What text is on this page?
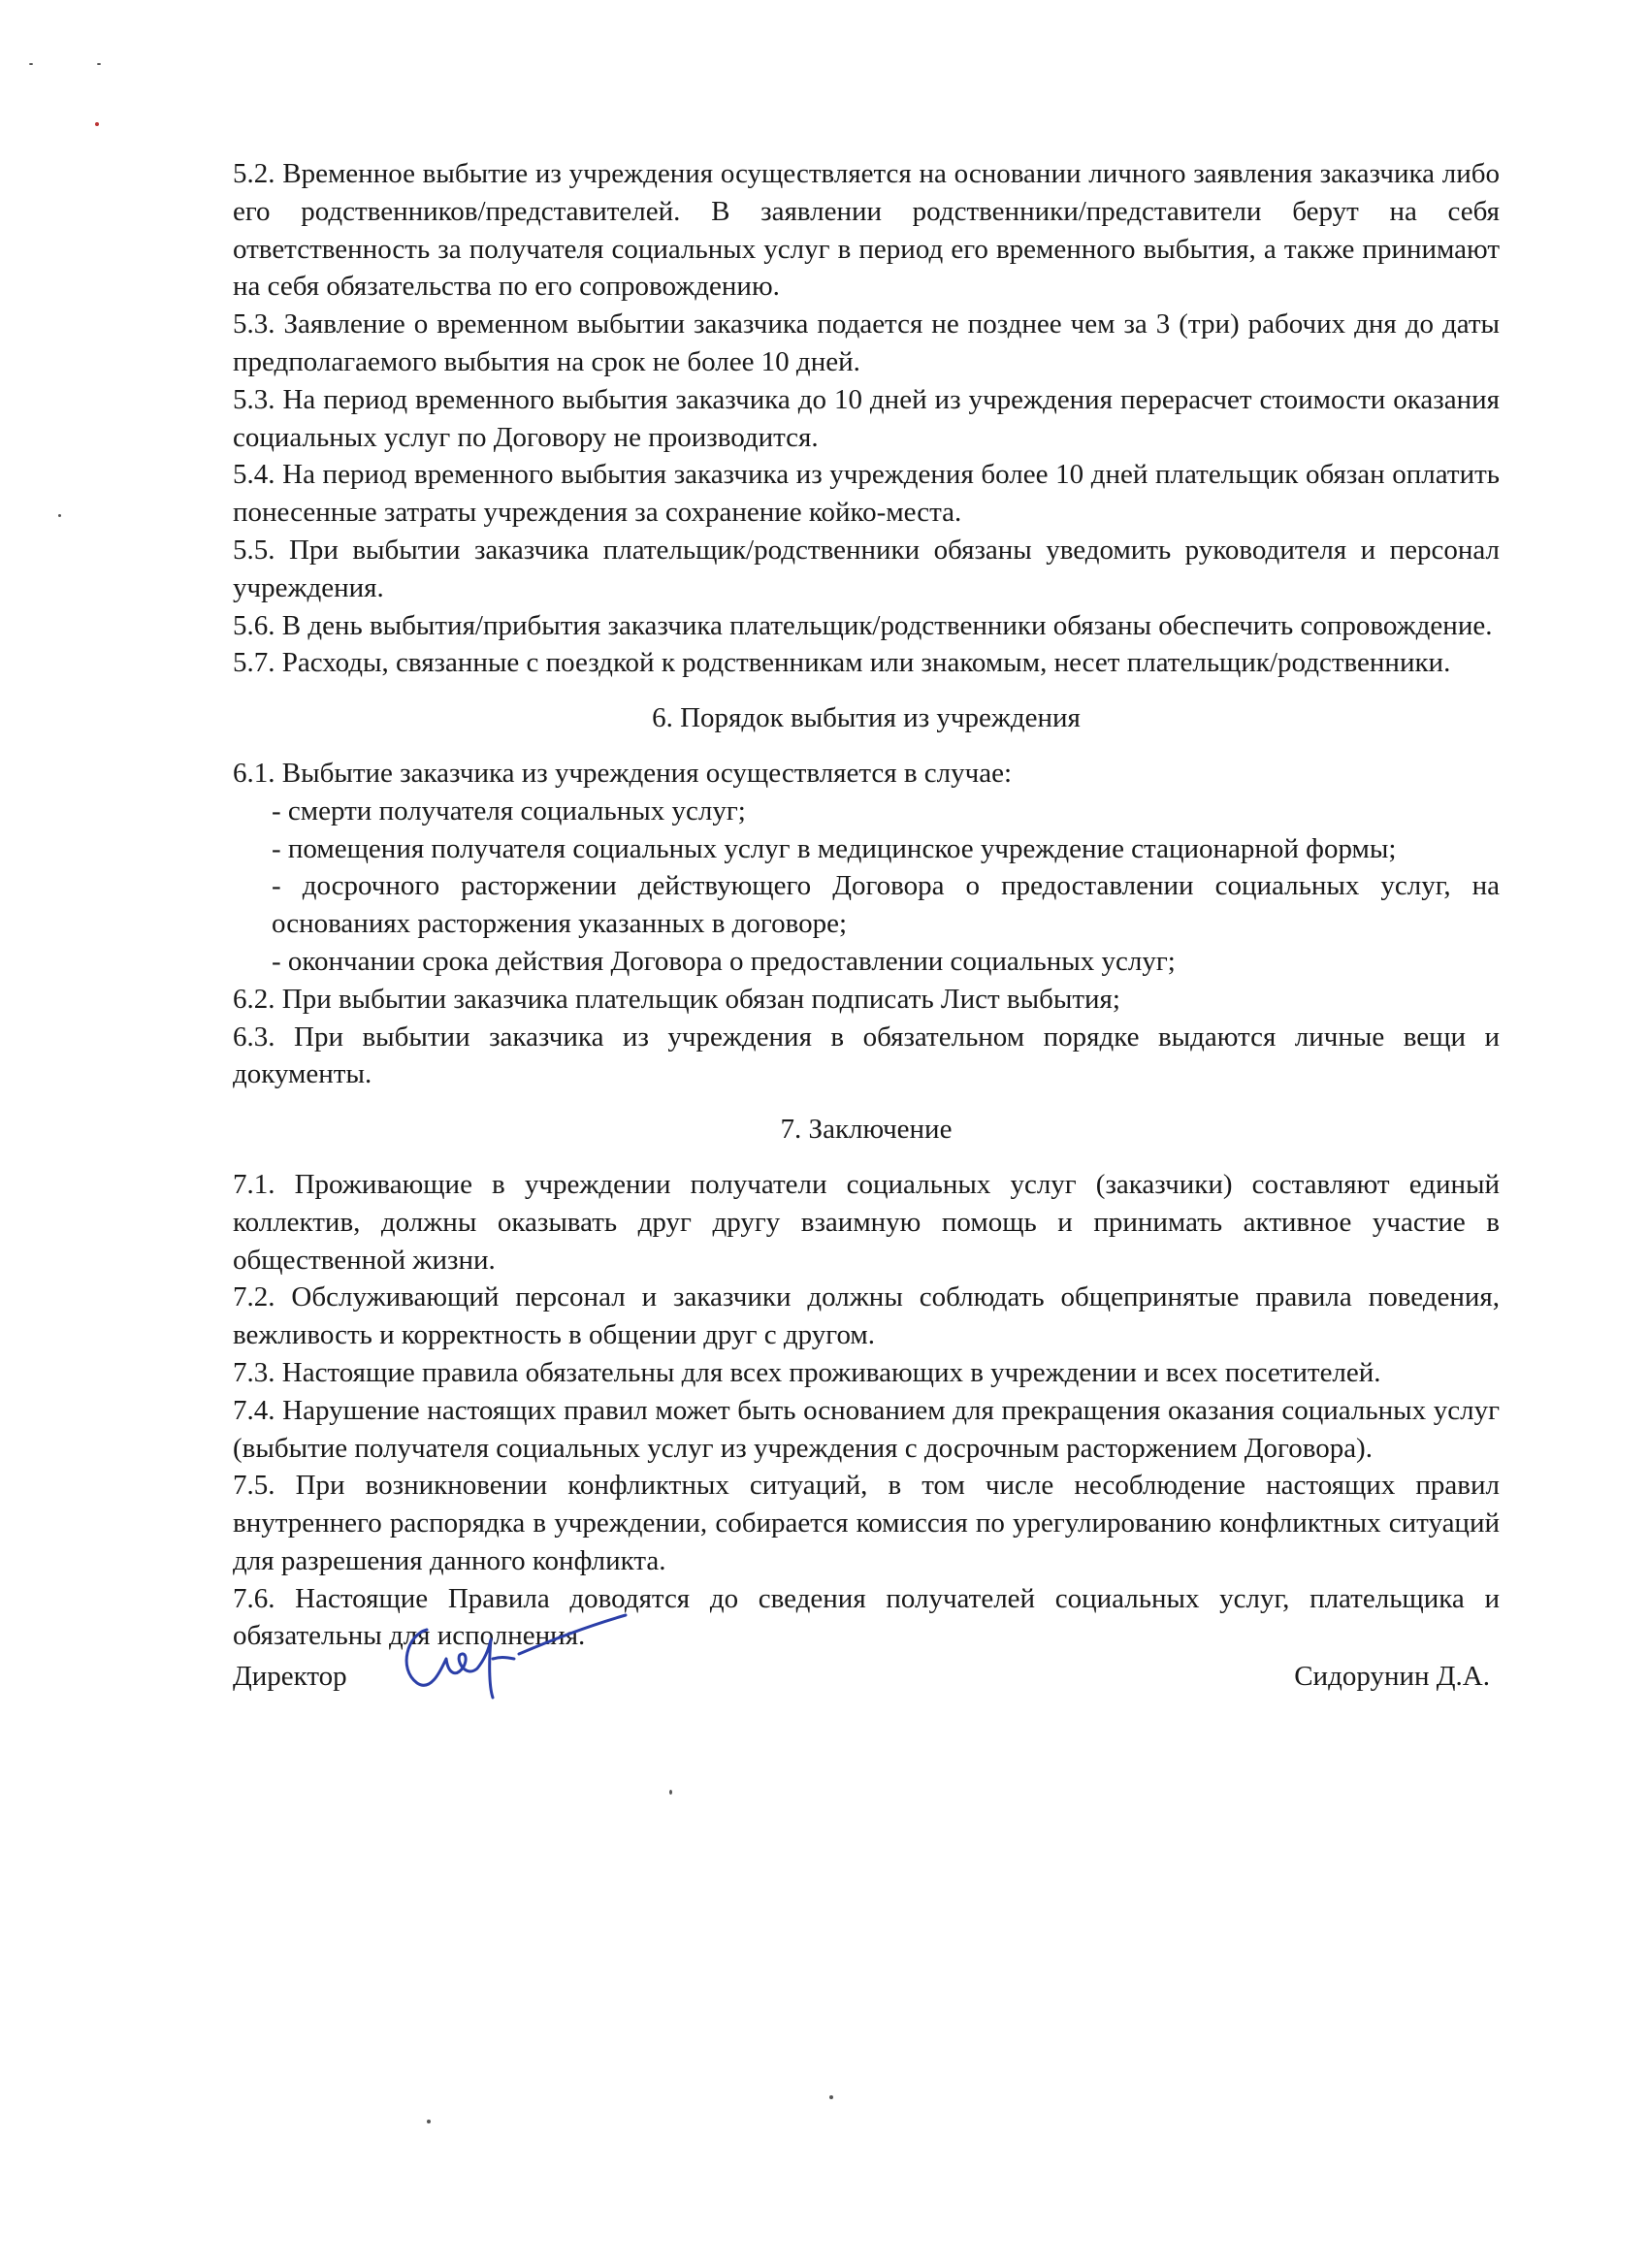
5.2. Временное выбытие из учреждения осуществляется на основании личного заявления заказчика либо его родственников/представителей. В заявлении родственники/представители берут на себя ответственность за получателя социальных услуг в период его временного выбытия, а также принимают на себя обязательства по его сопровождению.

5.3. Заявление о временном выбытии заказчика подается не позднее чем за 3 (три) рабочих дня до даты предполагаемого выбытия на срок не более 10 дней.

5.3. На период временного выбытия заказчика до 10 дней из учреждения перерасчет стоимости оказания социальных услуг по Договору не производится.

5.4. На период временного выбытия заказчика из учреждения более 10 дней плательщик обязан оплатить понесенные затраты учреждения за сохранение койко-места.

5.5. При выбытии заказчика плательщик/родственники обязаны уведомить руководителя и персонал учреждения.

5.6. В день выбытия/прибытия заказчика плательщик/родственники обязаны обеспечить сопровождение.

5.7. Расходы, связанные с поездкой к родственникам или знакомым, несет плательщик/родственники.

6. Порядок выбытия из учреждения

6.1. Выбытие заказчика из учреждения осуществляется в случае:

- смерти получателя социальных услуг;

- помещения получателя социальных услуг в медицинское учреждение стационарной формы;

- досрочного расторжении действующего Договора о предоставлении социальных услуг, на основаниях расторжения указанных в договоре;

- окончании срока действия Договора о предоставлении социальных услуг;

6.2. При выбытии заказчика плательщик обязан подписать Лист выбытия;

6.3. При выбытии заказчика из учреждения в обязательном порядке выдаются личные вещи и документы.

7. Заключение

7.1. Проживающие в учреждении получатели социальных услуг (заказчики) составляют единый коллектив, должны оказывать друг другу взаимную помощь и принимать активное участие в общественной жизни.

7.2. Обслуживающий персонал и заказчики должны соблюдать общепринятые правила поведения, вежливость и корректность в общении друг с другом.

7.3. Настоящие правила обязательны для всех проживающих в учреждении и всех посетителей.

7.4. Нарушение настоящих правил может быть основанием для прекращения оказания социальных услуг (выбытие получателя социальных услуг из учреждения с досрочным расторжением Договора).

7.5. При возникновении конфликтных ситуаций, в том числе несоблюдение настоящих правил внутреннего распорядка в учреждении, собирается комиссия по урегулированию конфликтных ситуаций для разрешения данного конфликта.

7.6. Настоящие Правила доводятся до сведения получателей социальных услуг, плательщика и обязательны для исполнения.

Директор	Сидорунин Д.А.
